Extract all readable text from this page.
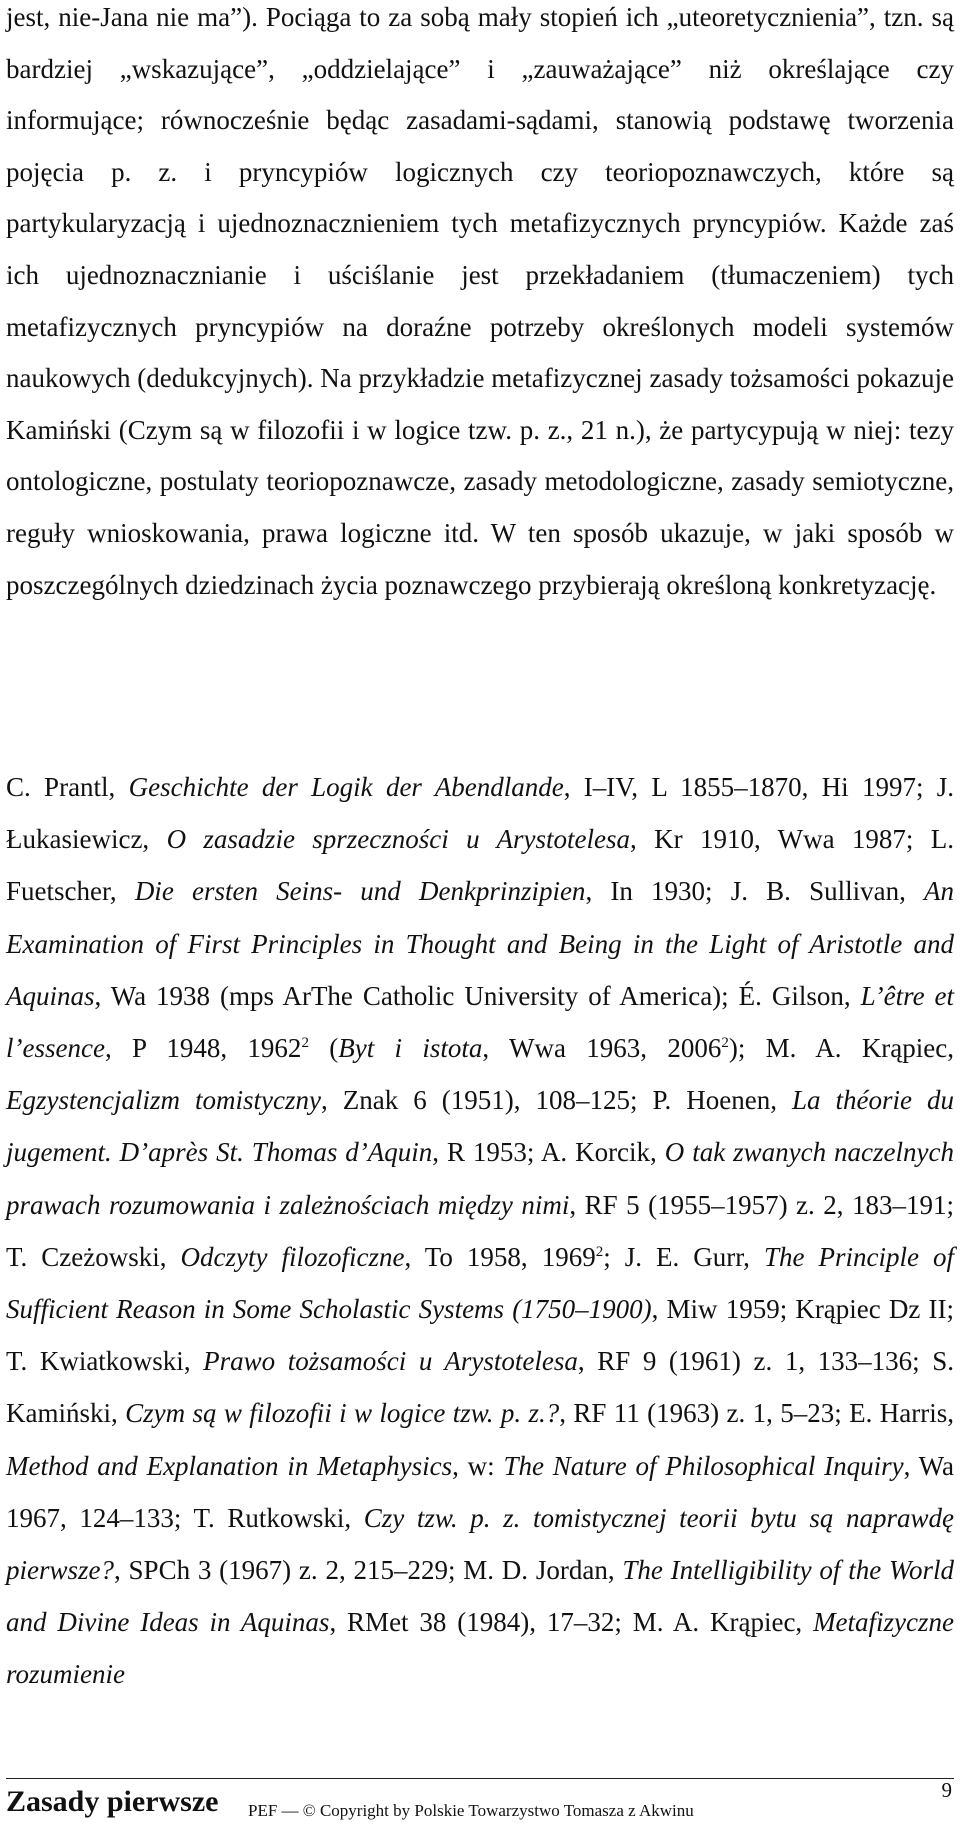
jest, nie-Jana nie ma”). Pociąga to za sobą mały stopień ich „uteoretycznienia”, tzn. są bardziej „wskazujące”, „oddzielające” i „zauważające” niż określające czy informujące; równocześnie będąc zasadami-sądami, stanowią podstawę tworzenia pojęcia p. z. i pryncypiów logicznych czy teoriopoznawczych, które są partykularyzacją i ujednoznacznieniem tych metafizycznych pryncypiów. Każde zaś ich ujednoznacznianie i uściślanie jest przekładaniem (tłumaczeniem) tych metafizycznych pryncypiów na doraźne potrzeby określonych modeli systemów naukowych (dedukcyjnych). Na przykładzie metafizycznej zasady tożsamości pokazuje Kamiński (Czym są w filozofii i w logice tzw. p. z., 21 n.), że partycypują w niej: tezy ontologiczne, postulaty teoriopoznawcze, zasady metodologiczne, zasady semiotyczne, reguły wnioskowania, prawa logiczne itd. W ten sposób ukazuje, w jaki sposób w poszczególnych dziedzinach życia poznawczego przybierają określoną konkretyzację.

C. Prantl, Geschichte der Logik der Abendlande, I–IV, L 1855–1870, Hi 1997; J. Łukasiewicz, O zasadzie sprzeczności u Arystotelesa, Kr 1910, Wwa 1987; L. Fuetscher, Die ersten Seins- und Denkprinzipien, In 1930; J. B. Sullivan, An Examination of First Principles in Thought and Being in the Light of Aristotle and Aquinas, Wa 1938 (mps ArThe Catholic University of America); É. Gilson, L’être et l’essence, P 1948, 1962$^2$ (Byt i istota, Wwa 1963, 2006$^2$); M. A. Krąpiec, Egzystencjalizm tomistyczny, Znak 6 (1951), 108–125; P. Hoenen, La théorie du jugement. D’après St. Thomas d’Aquin, R 1953; A. Korcik, O tak zwanych naczelnych prawach rozumowania i zależnościach między nimi, RF 5 (1955–1957) z. 2, 183–191; T. Czeżowski, Odczyty filozoficzne, To 1958, 1969$^2$; J. E. Gurr, The Principle of Sufficient Reason in Some Scholastic Systems (1750–1900), Miw 1959; Krąpiec Dz II; T. Kwiatkowski, Prawo tożsamości u Arystotelesa, RF 9 (1961) z. 1, 133–136; S. Kamiński, Czym są w filozofii i w logice tzw. p. z.?, RF 11 (1963) z. 1, 5–23; E. Harris, Method and Explanation in Metaphysics, w: The Nature of Philosophical Inquiry, Wa 1967, 124–133; T. Rutkowski, Czy tzw. p. z. tomistycznej teorii bytu są naprawdę pierwsze?, SPCh 3 (1967) z. 2, 215–229; M. D. Jordan, The Intelligibility of the World and Divine Ideas in Aquinas, RMet 38 (1984), 17–32; M. A. Krąpiec, Metafizyczne rozumienie

Zasady pierwsze PEF — © Copyright by Polskie Towarzystwo Tomasza z Akwinu
9
